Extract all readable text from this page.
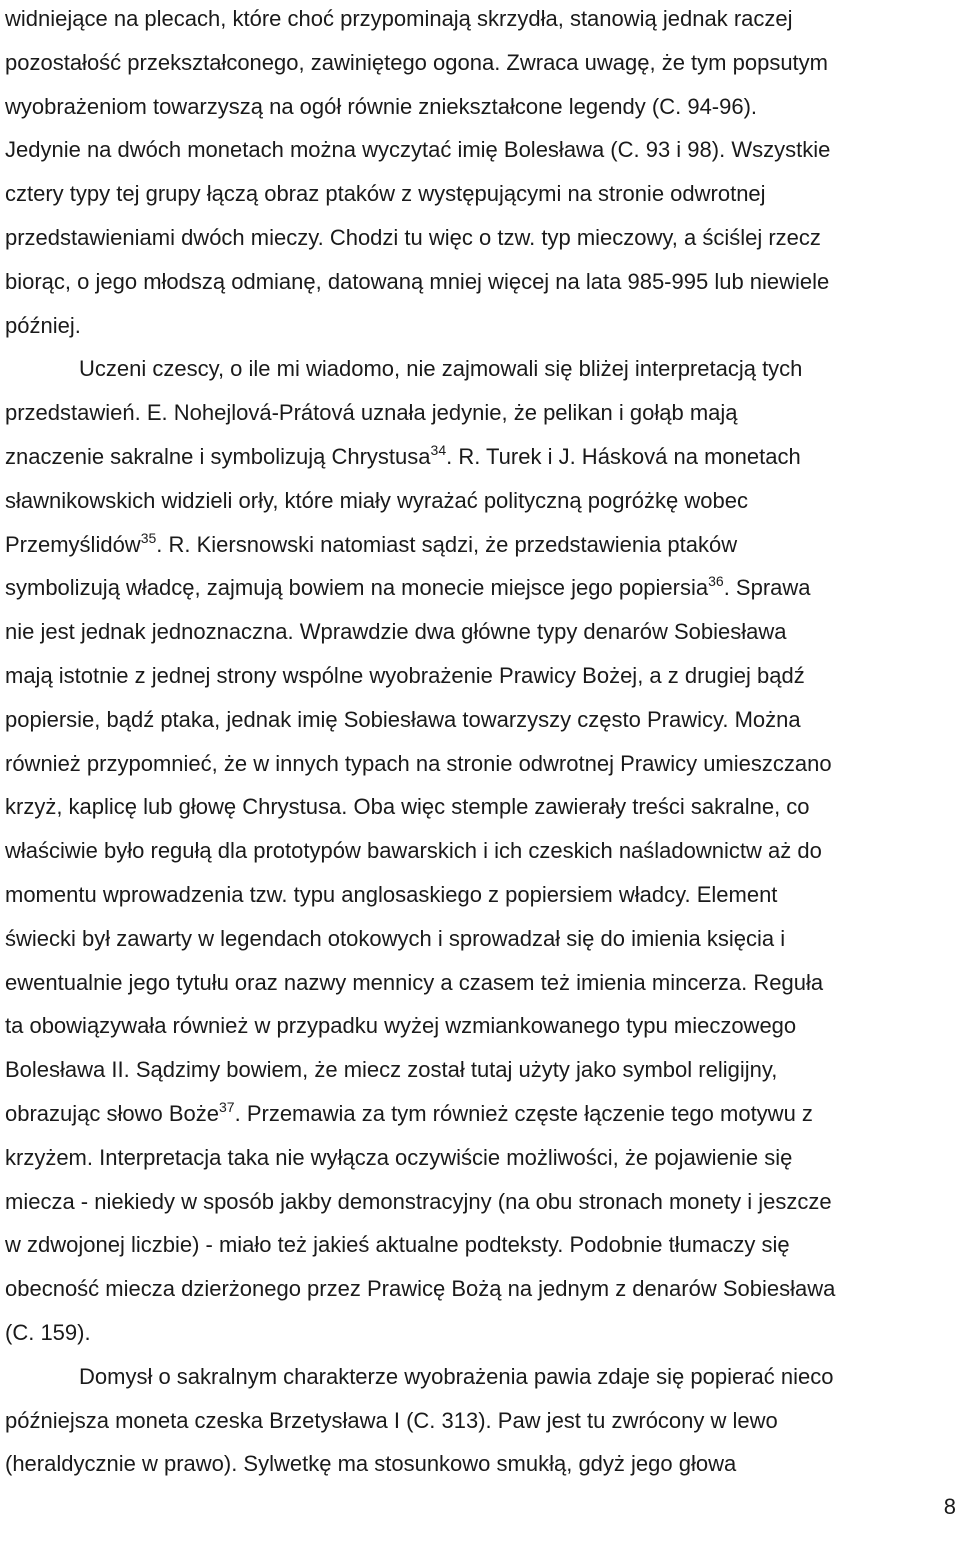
widniejące na plecach, które choć przypominają skrzydła, stanowią jednak raczej
pozostałość przekształconego, zawiniętego ogona. Zwraca uwagę, że tym popsutym
wyobrażeniom towarzyszą na ogół równie zniekształcone legendy (C. 94-96).
Jedynie na dwóch monetach można wyczytać imię Bolesława (C. 93 i 98). Wszystkie
cztery typy tej grupy łączą obraz ptaków z występującymi na stronie odwrotnej
przedstawieniami dwóch mieczy. Chodzi tu więc o tzw. typ mieczowy, a ściślej rzecz
biorąc, o jego młodszą odmianę, datowaną mniej więcej na lata 985-995 lub niewiele
później.
Uczeni czescy, o ile mi wiadomo, nie zajmowali się bliżej interpretacją tych
przedstawień. E. Nohejlová-Prátová uznała jedynie, że pelikan i gołąb mają
znaczenie sakralne i symbolizują Chrystusa$^{34}$. R. Turek i J. Hásková na monetach
sławnikowskich widzieli orły, które miały wyrażać polityczną pogróżkę wobec
Przemyślidów$^{35}$. R. Kiersnowski natomiast sądzi, że przedstawienia ptaków
symbolizują władcę, zajmują bowiem na monecie miejsce jego popiersia$^{36}$. Sprawa
nie jest jednak jednoznaczna. Wprawdzie dwa główne typy denarów Sobiesława
mają istotnie z jednej strony wspólne wyobrażenie Prawicy Bożej, a z drugiej bądź
popiersie, bądź ptaka, jednak imię Sobiesława towarzyszy często Prawicy. Można
również przypomnieć, że w innych typach na stronie odwrotnej Prawicy umieszczano
krzyż, kaplicę lub głowę Chrystusa. Oba więc stemple zawierały treści sakralne, co
właściwie było regułą dla prototypów bawarskich i ich czeskich naśladownictw aż do
momentu wprowadzenia tzw. typu anglosaskiego z popiersiem władcy. Element
świecki był zawarty w legendach otokowych i sprowadzał się do imienia księcia i
ewentualnie jego tytułu oraz nazwy mennicy a czasem też imienia mincerza. Reguła
ta obowiązywała również w przypadku wyżej wzmiankowanego typu mieczowego
Bolesława II. Sądzimy bowiem, że miecz został tutaj użyty jako symbol religijny,
obrazując słowo Boże$^{37}$. Przemawia za tym również częste łączenie tego motywu z
krzyżem. Interpretacja taka nie wyłącza oczywiście możliwości, że pojawienie się
miecza - niekiedy w sposób jakby demonstracyjny (na obu stronach monety i jeszcze
w zdwojonej liczbie) - miało też jakieś aktualne podteksty. Podobnie tłumaczy się
obecność miecza dzierżonego przez Prawicę Bożą na jednym z denarów Sobiesława
(C. 159).
Domysł o sakralnym charakterze wyobrażenia pawia zdaje się popierać nieco
późniejsza moneta czeska Brzetysława I (C. 313). Paw jest tu zwrócony w lewo
(heraldycznie w prawo). Sylwetkę ma stosunkowo smukłą, gdyż jego głowa
8
